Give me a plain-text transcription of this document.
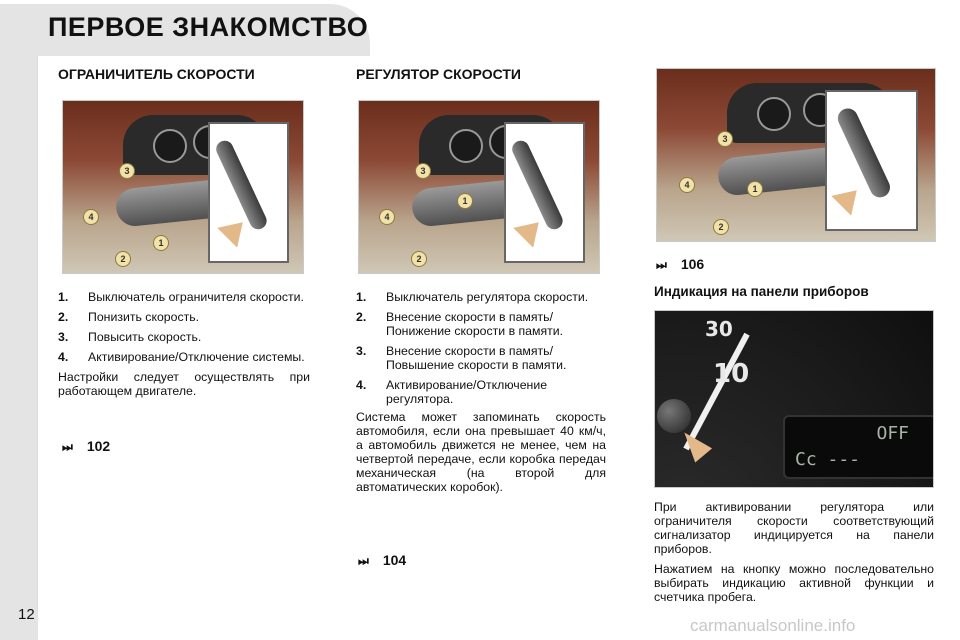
ПЕРВОЕ ЗНАКОМСТВО
ОГРАНИЧИТЕЛЬ СКОРОСТИ
3
4
1
2
1. Выключатель ограничителя скорости.
2. Понизить скорость.
3. Повысить скорость.
4. Активирование/Отключение системы.
Настройки следует осуществлять при работающем двигателе.
⏭ 102
РЕГУЛЯТОР СКОРОСТИ
3
1
4
2
1. Выключатель регулятора скорости.
2. Внесение скорости в память/ Понижение скорости в памяти.
3. Внесение скорости в память/ Повышение скорости в памяти.
4. Активирование/Отключение регулятора.
Система может запоминать скорость автомобиля, если она превышает 40 км/ч, а автомобиль движется не менее, чем на четвертой передаче, если коробка передач механическая (на второй для автоматических коробок).
⏭ 104
3
1
4
2
⏭ 106
Индикация на панели приборов
30
10
OFF
Cc ---
При активировании регулятора или ограничителя скорости соответствующий сигнализатор индицируется на панели приборов.
Нажатием на кнопку можно последовательно выбирать индикацию активной функции и счетчика пробега.
12
carmanualsonline.info
